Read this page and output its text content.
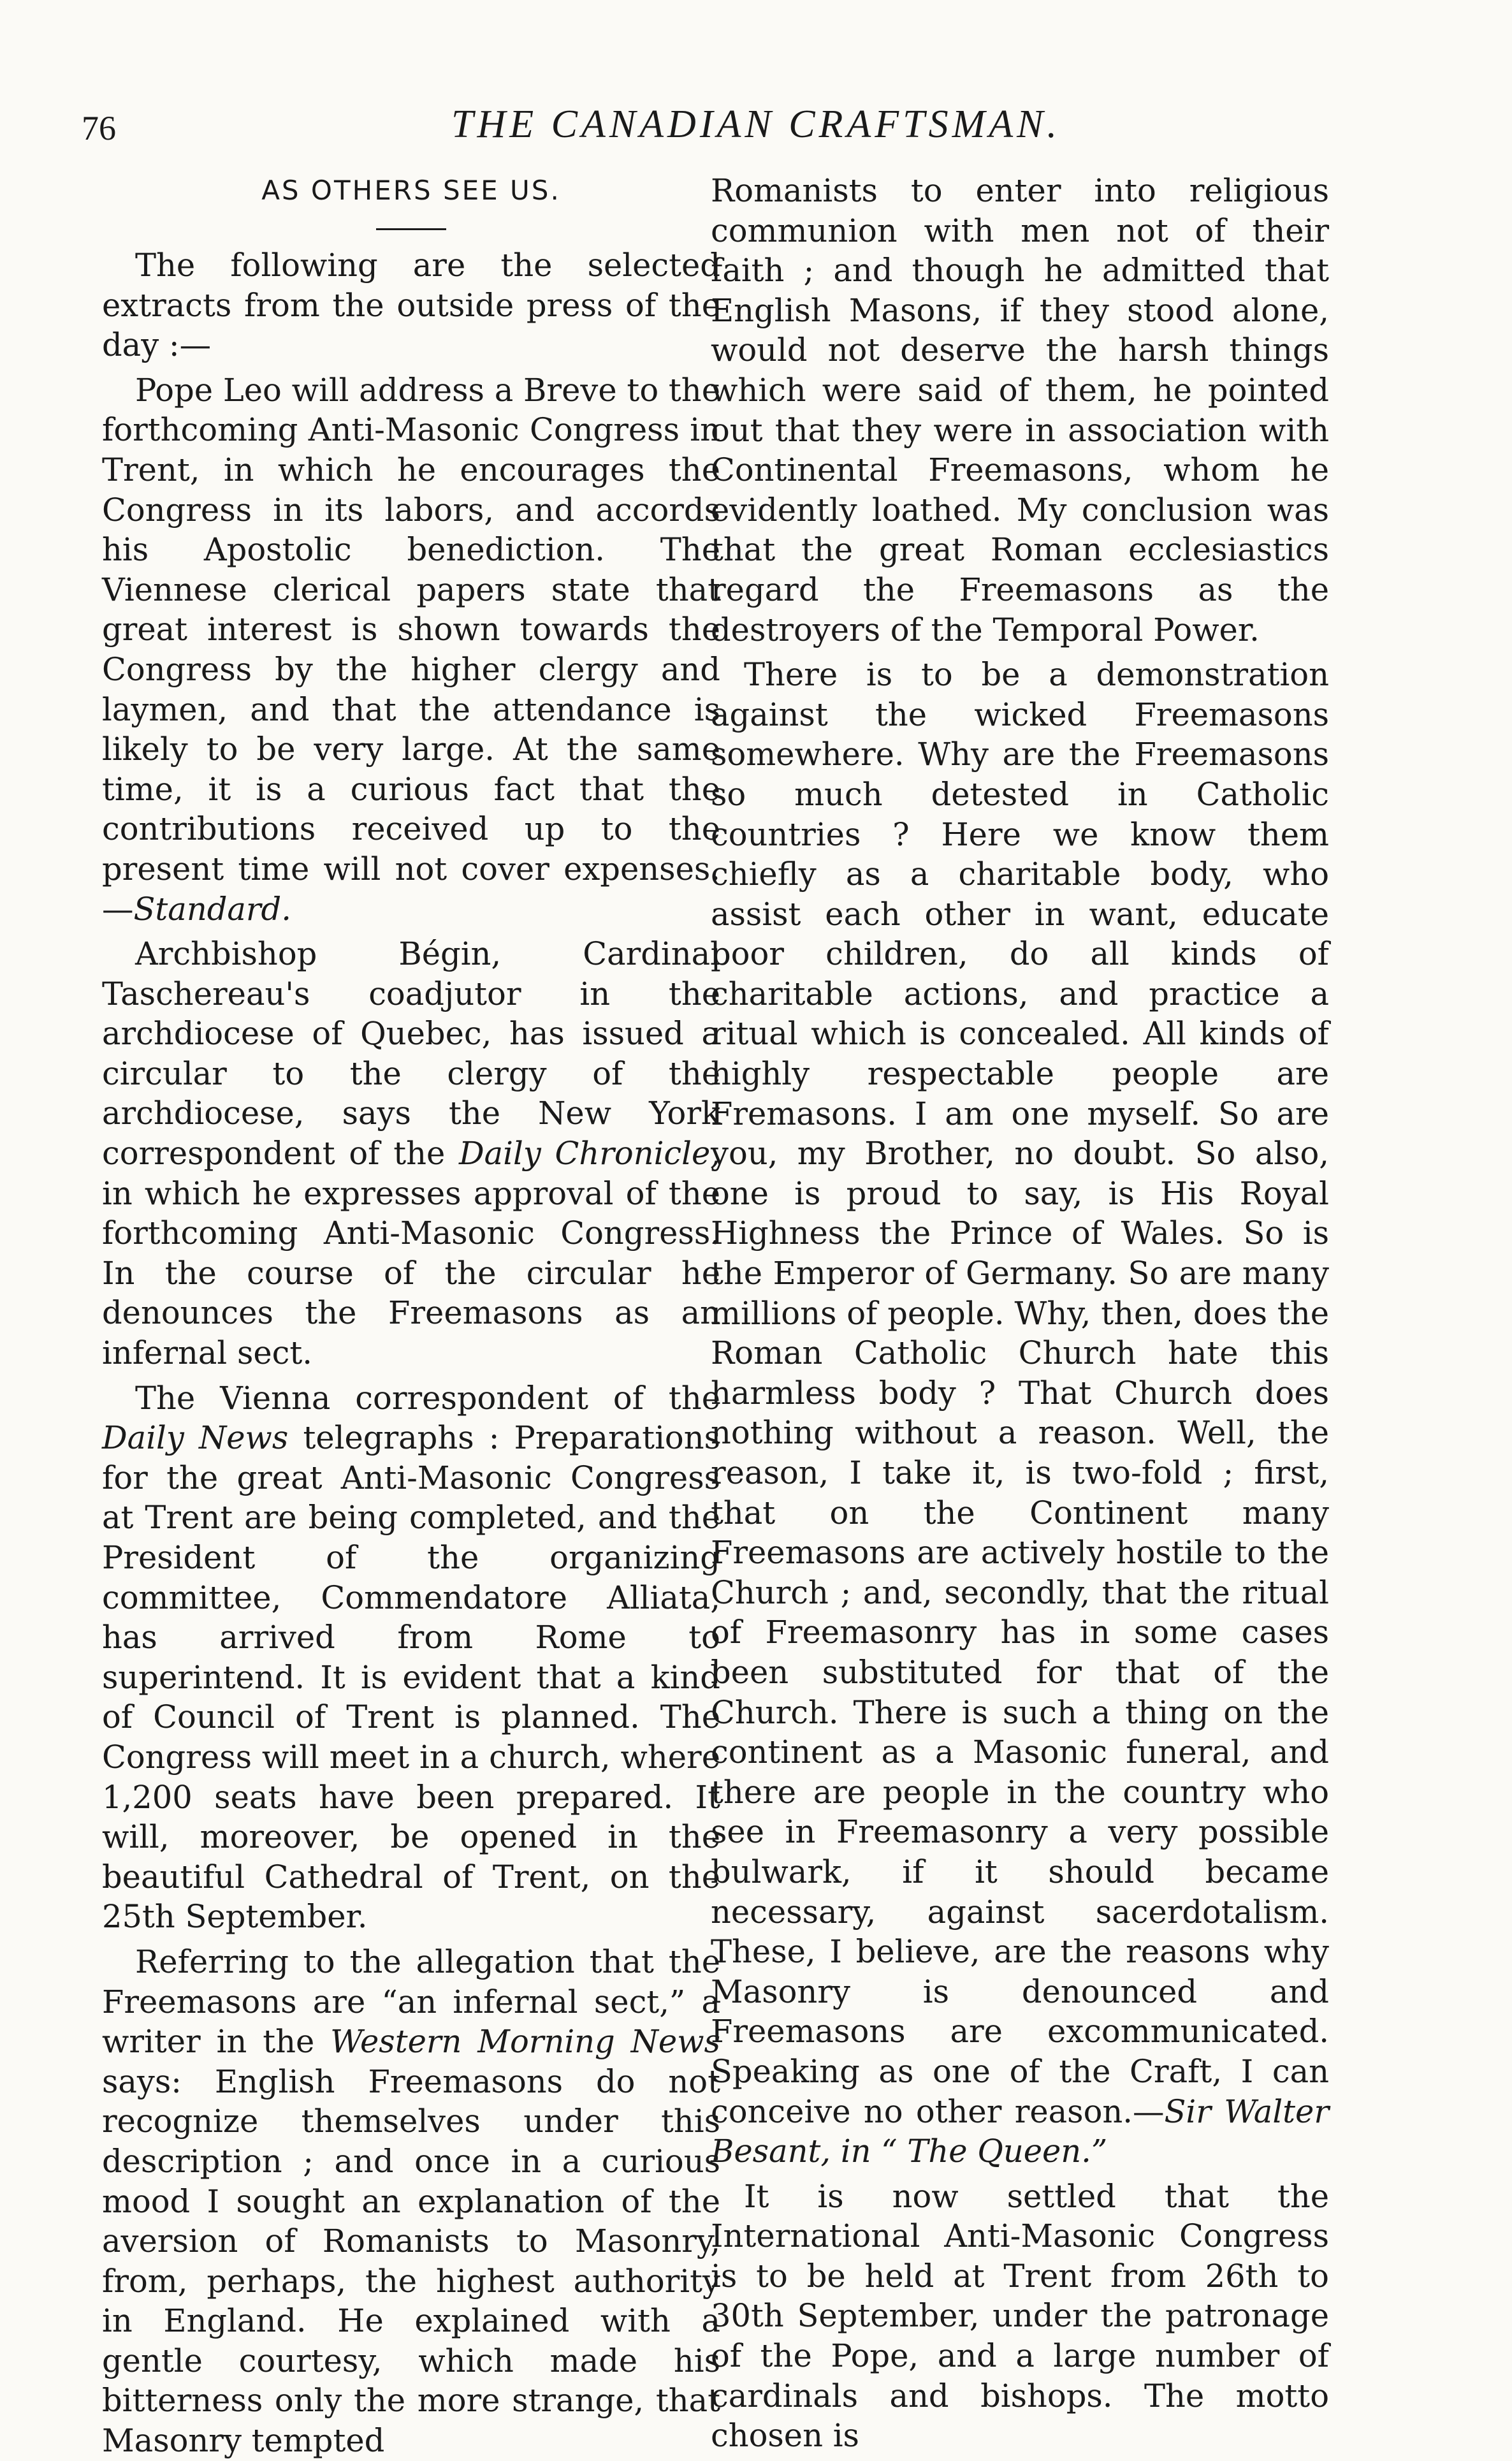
76	THE CANADIAN CRAFTSMAN.
AS OTHERS SEE US.

The following are the selected extracts from the outside press of the day :—

Pope Leo will address a Breve to the forthcoming Anti-Masonic Congress in Trent, in which he encourages the Congress in its labors, and accords his Apostolic benediction. The Viennese clerical papers state that great interest is shown towards the Congress by the higher clergy and laymen, and that the attendance is likely to be very large. At the same time, it is a curious fact that the contributions received up to the present time will not cover expenses.—Standard.

Archbishop Bégin, Cardinal Taschereau's coadjutor in the archdiocese of Quebec, has issued a circular to the clergy of the archdiocese, says the New York correspondent of the Daily Chronicle, in which he expresses approval of the forthcoming Anti-Masonic Congress. In the course of the circular he denounces the Freemasons as an infernal sect.

The Vienna correspondent of the Daily News telegraphs : Preparations for the great Anti-Masonic Congress at Trent are being completed, and the President of the organizing committee, Commendatore Alliata, has arrived from Rome to superintend. It is evident that a kind of Council of Trent is planned. The Congress will meet in a church, where 1,200 seats have been prepared. It will, moreover, be opened in the beautiful Cathedral of Trent, on the 25th September.

Referring to the allegation that the Freemasons are “an infernal sect,” a writer in the Western Morning News says: English Freemasons do not recognize themselves under this description ; and once in a curious mood I sought an explanation of the aversion of Romanists to Masonry, from, perhaps, the highest authority in England. He explained with a gentle courtesy, which made his bitterness only the more strange, that Masonry tempted

Romanists to enter into religious communion with men not of their faith ; and though he admitted that English Masons, if they stood alone, would not deserve the harsh things which were said of them, he pointed out that they were in association with Continental Freemasons, whom he evidently loathed. My conclusion was that the great Roman ecclesiastics regard the Freemasons as the destroyers of the Temporal Power.

There is to be a demonstration against the wicked Freemasons somewhere. Why are the Freemasons so much detested in Catholic countries ? Here we know them chiefly as a charitable body, who assist each other in want, educate poor children, do all kinds of charitable actions, and practice a ritual which is concealed. All kinds of highly respectable people are Fremasons. I am one myself. So are you, my Brother, no doubt. So also, one is proud to say, is His Royal Highness the Prince of Wales. So is the Emperor of Germany. So are many millions of people. Why, then, does the Roman Catholic Church hate this harmless body ? That Church does nothing without a reason. Well, the reason, I take it, is two-fold ; first, that on the Continent many Freemasons are actively hostile to the Church ; and, secondly, that the ritual of Freemasonry has in some cases been substituted for that of the Church. There is such a thing on the continent as a Masonic funeral, and there are people in the country who see in Freemasonry a very possible bulwark, if it should became necessary, against sacerdotalism. These, I believe, are the reasons why Masonry is denounced and Freemasons are excommunicated. Speaking as one of the Craft, I can conceive no other reason.—Sir Walter Besant, in “ The Queen.”

It is now settled that the International Anti-Masonic Congress is to be held at Trent from 26th to 30th September, under the patronage of the Pope, and a large number of cardinals and bishops. The motto chosen is
